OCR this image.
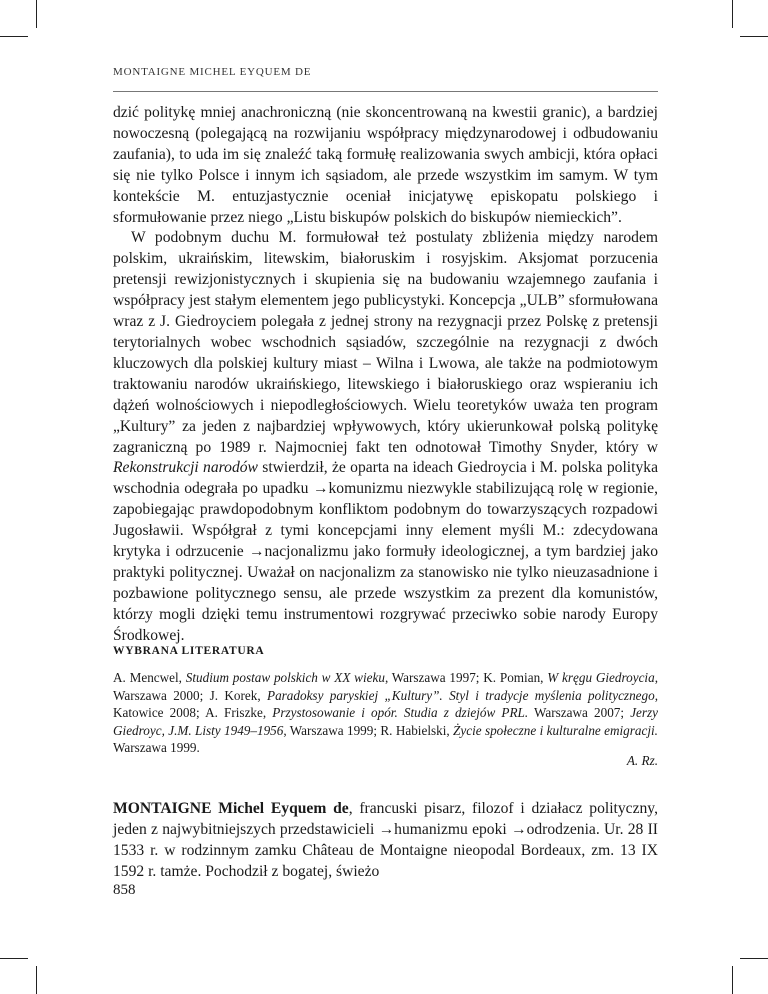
MONTAIGNE MICHEL EYQUEM DE

dzić politykę mniej anachroniczną (nie skoncentrowaną na kwestii granic), a bardziej nowoczesną (polegającą na rozwijaniu współpracy międzynarodowej i odbudowaniu zaufania), to uda im się znaleźć taką formułę realizowania swych ambicji, która opłaci się nie tylko Polsce i innym ich sąsiadom, ale przede wszystkim im samym. W tym kontekście M. entuzjastycznie oceniał inicjatywę episkopatu polskiego i sformułowanie przez niego „Listu biskupów polskich do biskupów niemieckich”.

W podobnym duchu M. formułował też postulaty zbliżenia między narodem polskim, ukraińskim, litewskim, białoruskim i rosyjskim. Aksjomat porzucenia pretensji rewizjonistycznych i skupienia się na budowaniu wzajemnego zaufania i współpracy jest stałym elementem jego publicystyki. Koncepcja „ULB” sformułowana wraz z J. Giedroyciem polegała z jednej strony na rezygnacji przez Polskę z pretensji terytorialnych wobec wschodnich sąsiadów, szczególnie na rezygnacji z dwóch kluczowych dla polskiej kultury miast – Wilna i Lwowa, ale także na podmiotowym traktowaniu narodów ukraińskiego, litewskiego i białoruskiego oraz wspieraniu ich dążeń wolnościowych i niepodległościowych. Wielu teoretyków uważa ten program „Kultury” za jeden z najbardziej wpływowych, który ukierunkował polską politykę zagraniczną po 1989 r. Najmocniej fakt ten odnotował Timothy Snyder, który w Rekonstrukcji narodów stwierdził, że oparta na ideach Giedroycia i M. polska polityka wschodnia odegrała po upadku →komunizmu niezwykle stabilizującą rolę w regionie, zapobiegając prawdopodobnym konfliktom podobnym do towarzyszących rozpadowi Jugosławii. Współgrał z tymi koncepcjami inny element myśli M.: zdecydowana krytyka i odrzucenie →nacjonalizmu jako formuły ideologicznej, a tym bardziej jako praktyki politycznej. Uważał on nacjonalizm za stanowisko nie tylko nieuzasadnione i pozbawione politycznego sensu, ale przede wszystkim za prezent dla komunistów, którzy mogli dzięki temu instrumentowi rozgrywać przeciwko sobie narody Europy Środkowej.

WYBRANA LITERATURA

A. Mencwel, Studium postaw polskich w XX wieku, Warszawa 1997; K. Pomian, W kręgu Giedroycia, Warszawa 2000; J. Korek, Paradoksy paryskiej „Kultury”. Styl i tradycje myślenia politycznego, Katowice 2008; A. Friszke, Przystosowanie i opór. Studia z dziejów PRL. Warszawa 2007; Jerzy Giedroyc, J.M. Listy 1949–1956, Warszawa 1999; R. Habielski, Życie społeczne i kulturalne emigracji. Warszawa 1999.

A. Rz.

MONTAIGNE Michel Eyquem de, francuski pisarz, filozof i działacz polityczny, jeden z najwybitniejszych przedstawicieli →humanizmu epoki →odrodzenia. Ur. 28 II 1533 r. w rodzinnym zamku Château de Montaigne nieopodal Bordeaux, zm. 13 IX 1592 r. tamże. Pochodził z bogatej, świeżo

858
